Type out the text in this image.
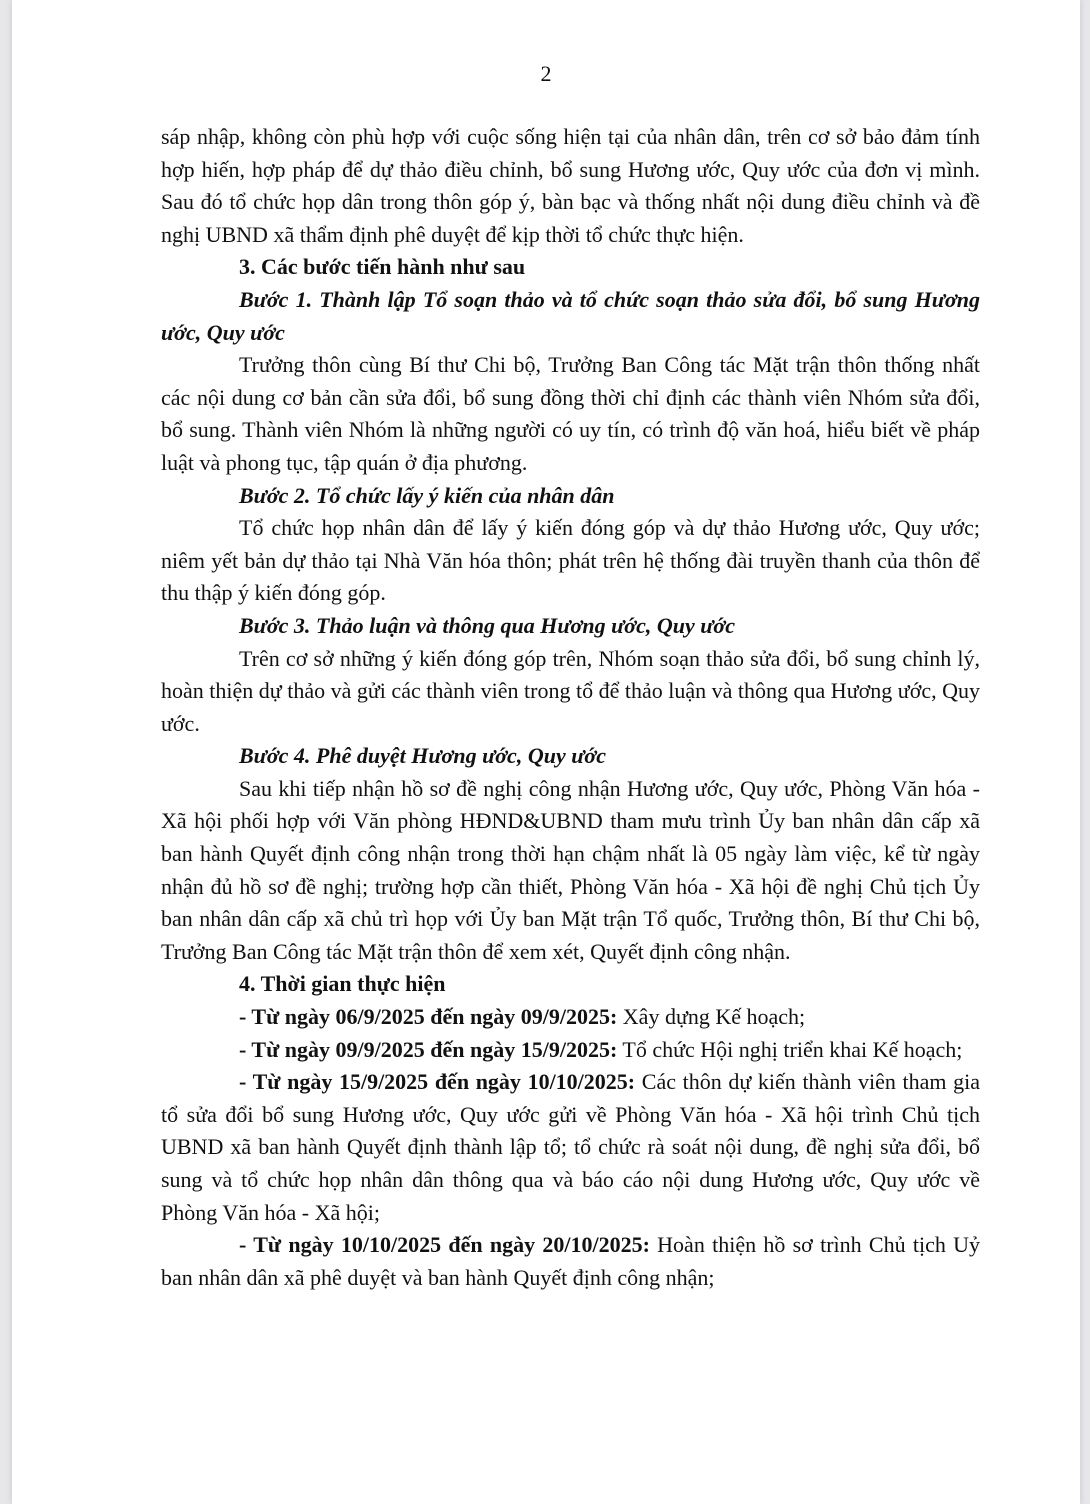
2

sáp nhập, không còn phù hợp với cuộc sống hiện tại của nhân dân, trên cơ sở bảo đảm tính hợp hiến, hợp pháp để dự thảo điều chỉnh, bổ sung Hương ước, Quy ước của đơn vị mình. Sau đó tổ chức họp dân trong thôn góp ý, bàn bạc và thống nhất nội dung điều chỉnh và đề nghị UBND xã thẩm định phê duyệt để kịp thời tổ chức thực hiện.

3. Các bước tiến hành như sau

Bước 1. Thành lập Tổ soạn thảo và tổ chức soạn thảo sửa đổi, bổ sung Hương ước, Quy ước

Trưởng thôn cùng Bí thư Chi bộ, Trưởng Ban Công tác Mặt trận thôn thống nhất các nội dung cơ bản cần sửa đổi, bổ sung đồng thời chỉ định các thành viên Nhóm sửa đổi, bổ sung. Thành viên Nhóm là những người có uy tín, có trình độ văn hoá, hiểu biết về pháp luật và phong tục, tập quán ở địa phương.

Bước 2. Tổ chức lấy ý kiến của nhân dân

Tổ chức họp nhân dân để lấy ý kiến đóng góp và dự thảo Hương ước, Quy ước; niêm yết bản dự thảo tại Nhà Văn hóa thôn; phát trên hệ thống đài truyền thanh của thôn để thu thập ý kiến đóng góp.

Bước 3. Thảo luận và thông qua Hương ước, Quy ước

Trên cơ sở những ý kiến đóng góp trên, Nhóm soạn thảo sửa đổi, bổ sung chỉnh lý, hoàn thiện dự thảo và gửi các thành viên trong tổ để thảo luận và thông qua Hương ước, Quy ước.

Bước 4. Phê duyệt Hương ước, Quy ước

Sau khi tiếp nhận hồ sơ đề nghị công nhận Hương ước, Quy ước, Phòng Văn hóa - Xã hội phối hợp với Văn phòng HĐND&UBND tham mưu trình Ủy ban nhân dân cấp xã ban hành Quyết định công nhận trong thời hạn chậm nhất là 05 ngày làm việc, kể từ ngày nhận đủ hồ sơ đề nghị; trường hợp cần thiết, Phòng Văn hóa - Xã hội đề nghị Chủ tịch Ủy ban nhân dân cấp xã chủ trì họp với Ủy ban Mặt trận Tổ quốc, Trưởng thôn, Bí thư Chi bộ, Trưởng Ban Công tác Mặt trận thôn để xem xét, Quyết định công nhận.

4. Thời gian thực hiện

- Từ ngày 06/9/2025 đến ngày 09/9/2025: Xây dựng Kế hoạch;

- Từ ngày 09/9/2025 đến ngày 15/9/2025: Tổ chức Hội nghị triển khai Kế hoạch;

- Từ ngày 15/9/2025 đến ngày 10/10/2025: Các thôn dự kiến thành viên tham gia tổ sửa đổi bổ sung Hương ước, Quy ước gửi về Phòng Văn hóa - Xã hội trình Chủ tịch UBND xã ban hành Quyết định thành lập tổ; tổ chức rà soát nội dung, đề nghị sửa đổi, bổ sung và tổ chức họp nhân dân thông qua và báo cáo nội dung Hương ước, Quy ước về Phòng Văn hóa - Xã hội;

- Từ ngày 10/10/2025 đến ngày 20/10/2025: Hoàn thiện hồ sơ trình Chủ tịch Uỷ ban nhân dân xã phê duyệt và ban hành Quyết định công nhận;
